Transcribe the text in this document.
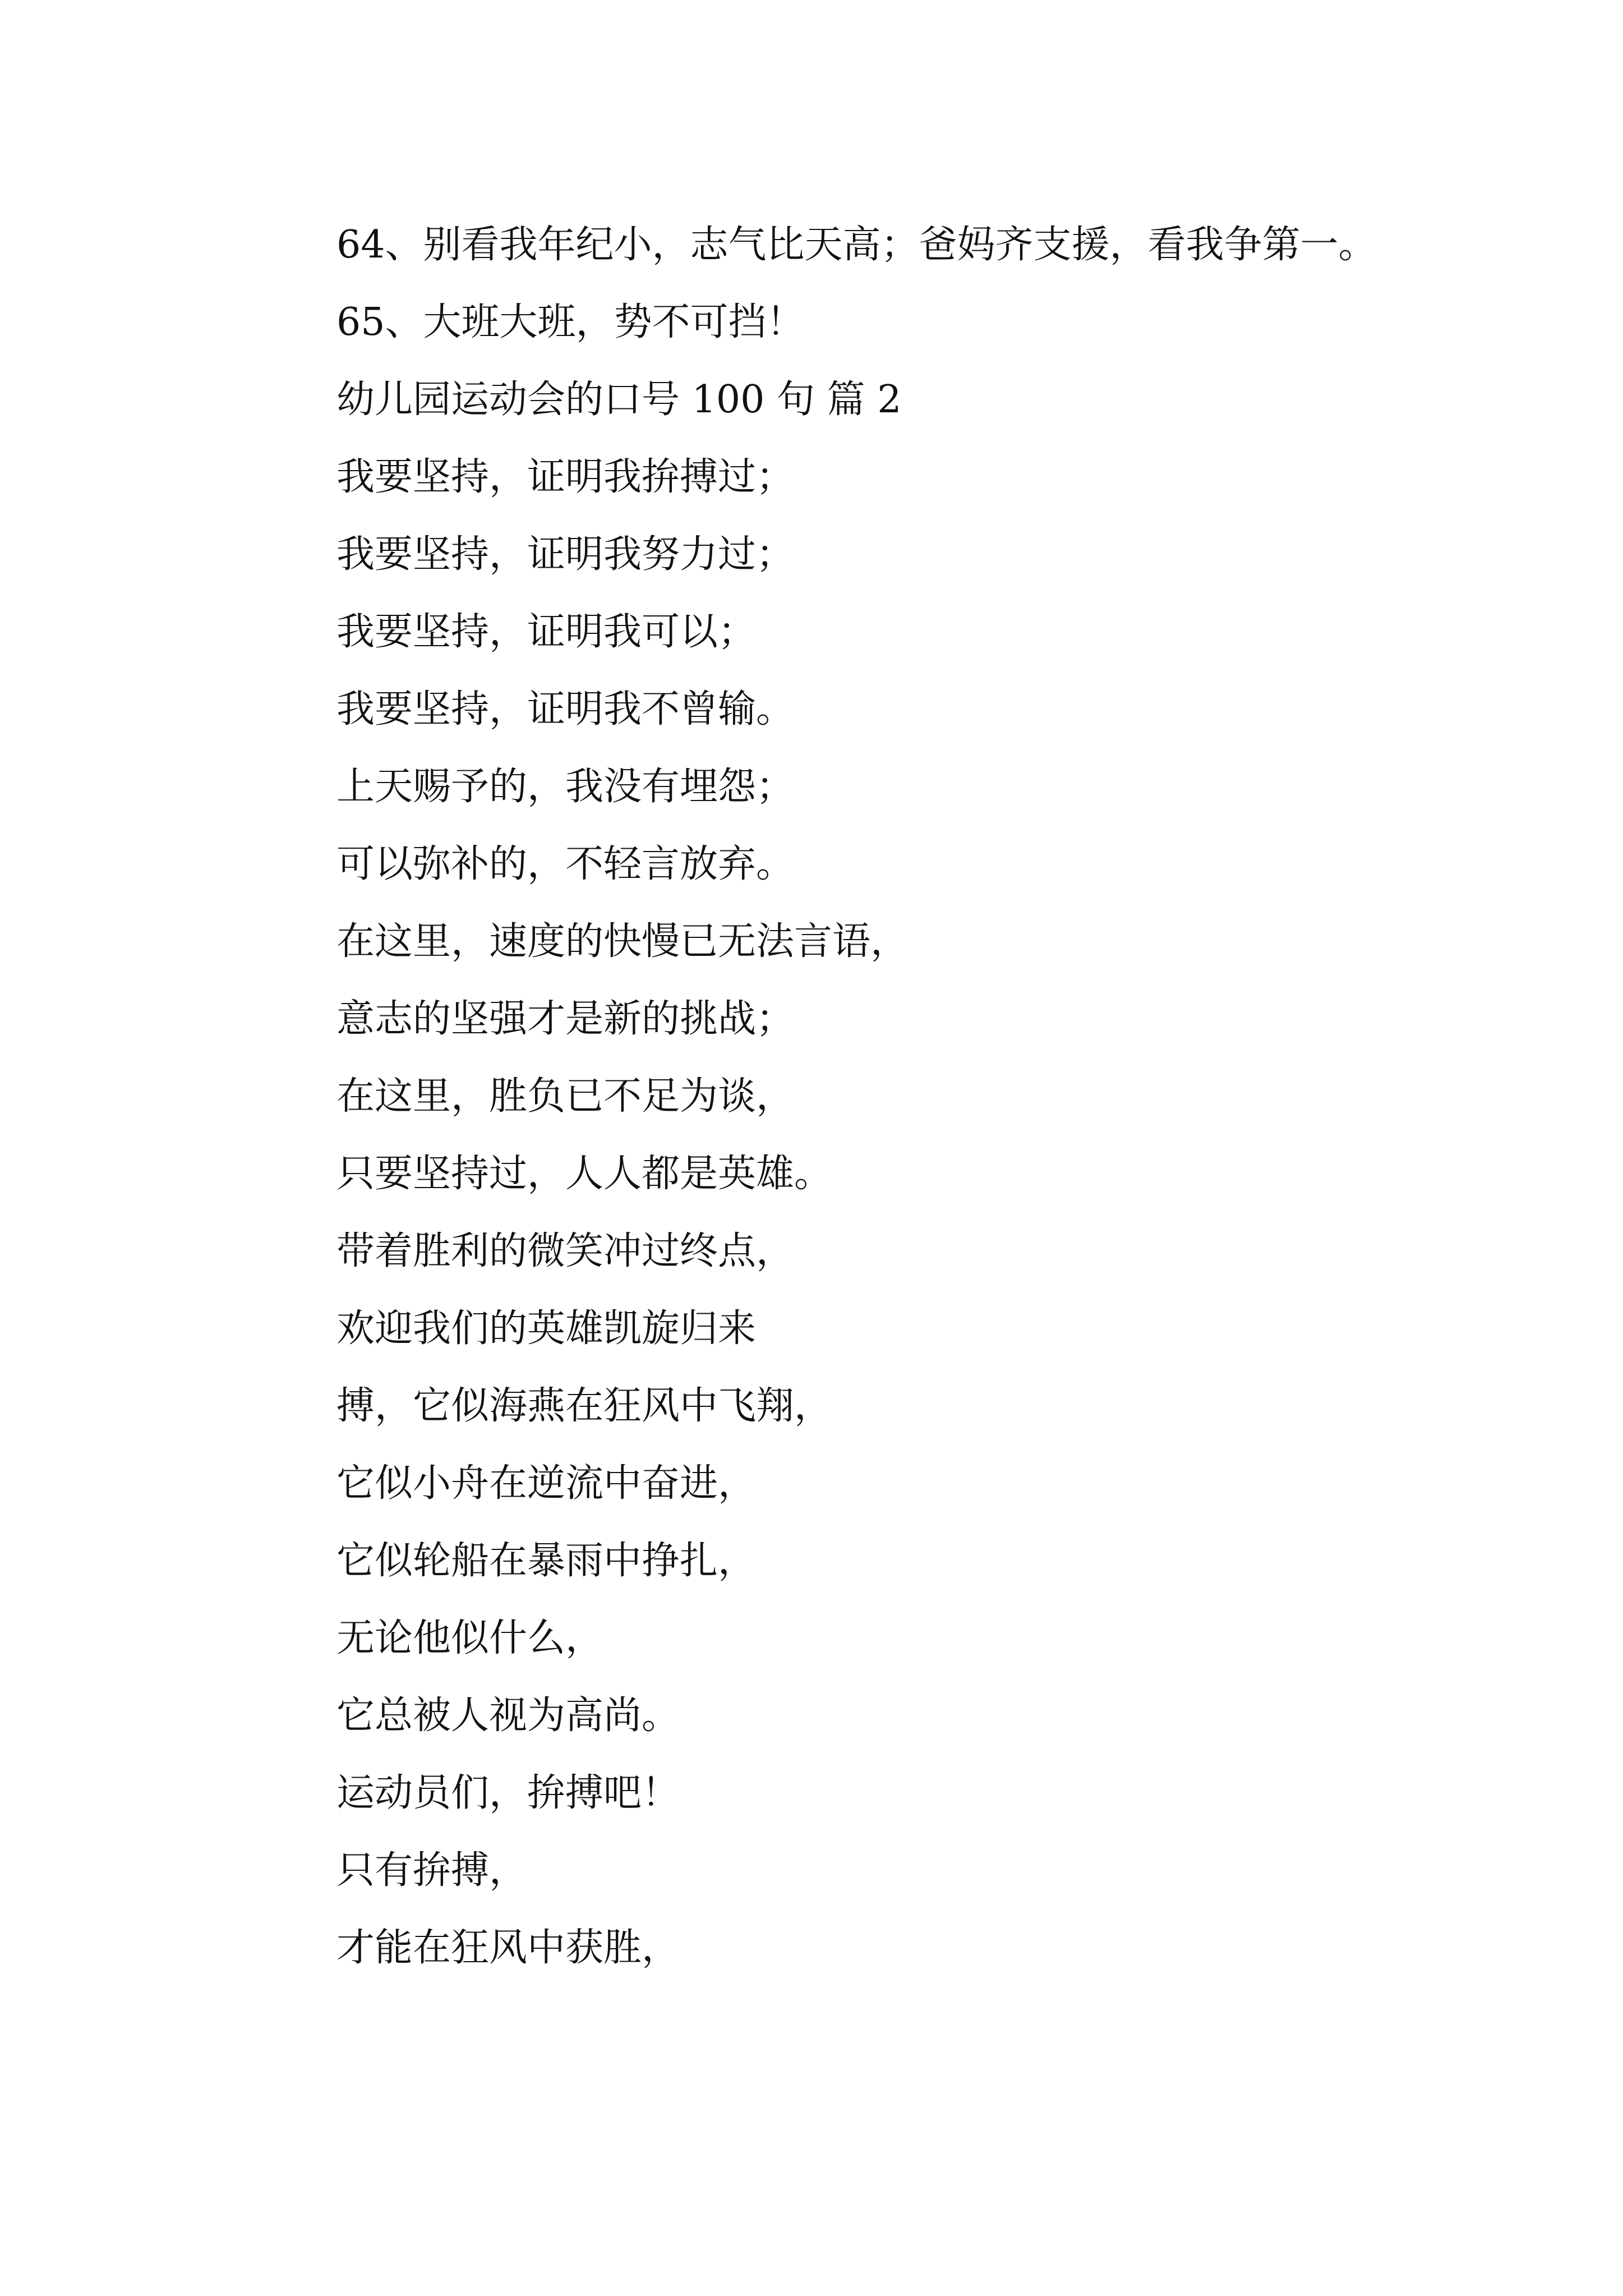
64、别看我年纪小，志气比天高；爸妈齐支援，看我争第一。

65、大班大班，势不可挡！

幼儿园运动会的口号 100 句 篇 2

我要坚持，证明我拚搏过；

我要坚持，证明我努力过；

我要坚持，证明我可以；

我要坚持，证明我不曾输。

上天赐予的，我没有埋怨；

可以弥补的，不轻言放弃。

在这里，速度的快慢已无法言语，

意志的坚强才是新的挑战；

在这里，胜负已不足为谈，

只要坚持过，人人都是英雄。

带着胜利的微笑冲过终点，

欢迎我们的英雄凯旋归来

搏，它似海燕在狂风中飞翔，

它似小舟在逆流中奋进，

它似轮船在暴雨中挣扎，

无论他似什么，

它总被人视为高尚。

运动员们，拚搏吧！

只有拚搏，

才能在狂风中获胜，
